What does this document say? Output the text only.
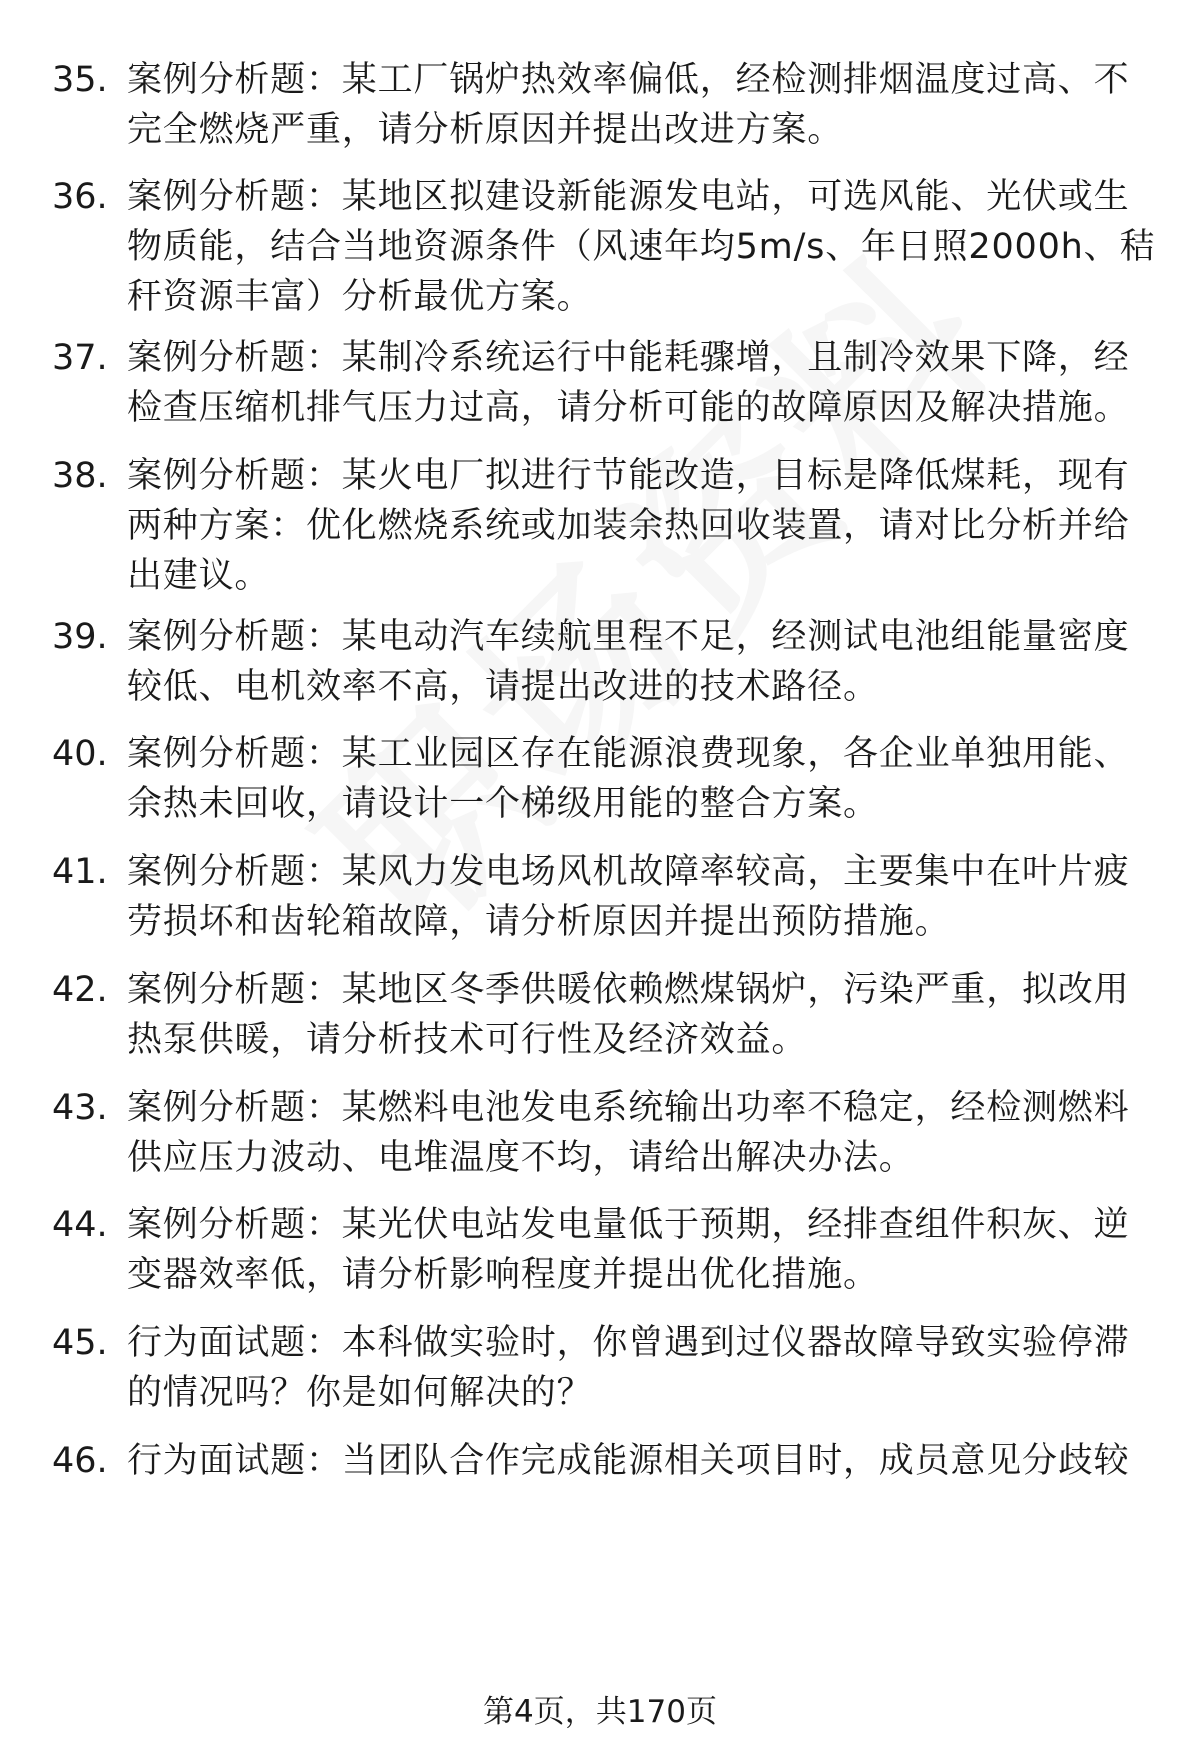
35. 案例分析题：某工厂锅炉热效率偏低，经检测排烟温度过高、不完全燃烧严重，请分析原因并提出改进方案。
36. 案例分析题：某地区拟建设新能源发电站，可选风能、光伏或生物质能，结合当地资源条件（风速年均5m/s、年日照2000h、秸秆资源丰富）分析最优方案。
37. 案例分析题：某制冷系统运行中能耗骤增，且制冷效果下降，经检查压缩机排气压力过高，请分析可能的故障原因及解决措施。
38. 案例分析题：某火电厂拟进行节能改造，目标是降低煤耗，现有两种方案：优化燃烧系统或加装余热回收装置，请对比分析并给出建议。
39. 案例分析题：某电动汽车续航里程不足，经测试电池组能量密度较低、电机效率不高，请提出改进的技术路径。
40. 案例分析题：某工业园区存在能源浪费现象，各企业单独用能、余热未回收，请设计一个梯级用能的整合方案。
41. 案例分析题：某风力发电场风机故障率较高，主要集中在叶片疲劳损坏和齿轮箱故障，请分析原因并提出预防措施。
42. 案例分析题：某地区冬季供暖依赖燃煤锅炉，污染严重，拟改用热泵供暖，请分析技术可行性及经济效益。
43. 案例分析题：某燃料电池发电系统输出功率不稳定，经检测燃料供应压力波动、电堆温度不均，请给出解决办法。
44. 案例分析题：某光伏电站发电量低于预期，经排查组件积灰、逆变器效率低，请分析影响程度并提出优化措施。
45. 行为面试题：本科做实验时，你曾遇到过仪器故障导致实验停滞的情况吗？你是如何解决的？
46. 行为面试题：当团队合作完成能源相关项目时，成员意见分歧较
第4页，共170页
